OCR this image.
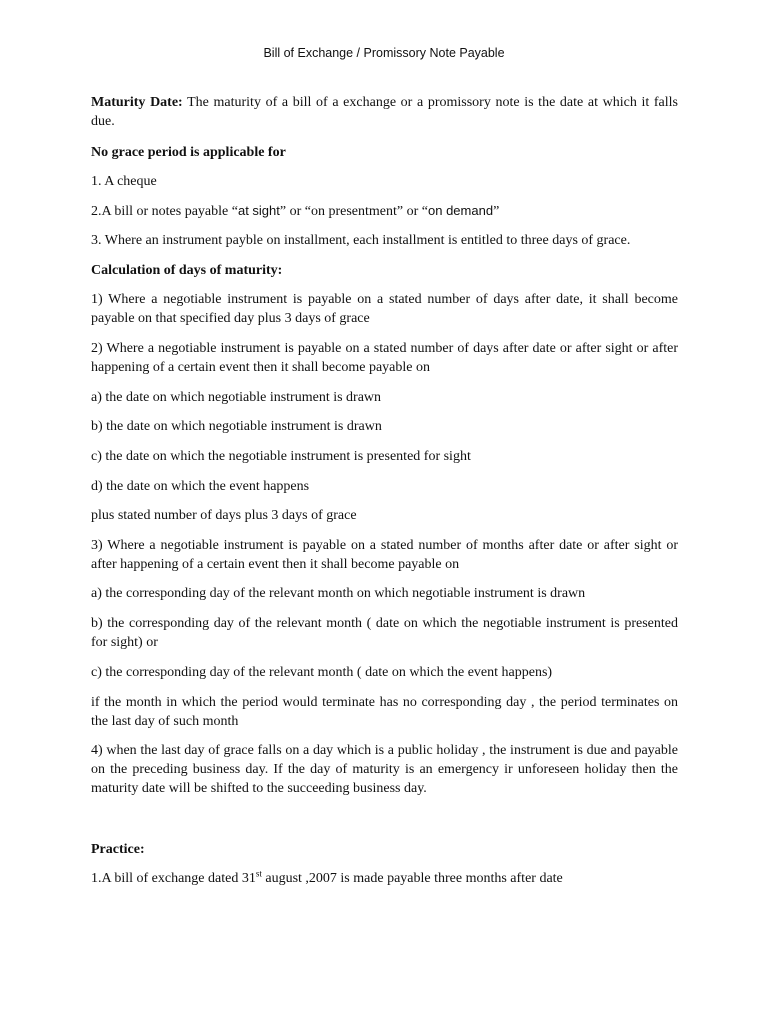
Bill of Exchange / Promissory Note Payable

Maturity Date: The maturity of a bill of a exchange or a promissory note is the date at which it falls due.

No grace period is applicable for

1. A cheque

2.A bill or notes payable “at sight” or “on presentment” or “on demand”

3. Where an instrument payble on installment, each installment is entitled to three days of grace.

Calculation of days of maturity:

1) Where a negotiable instrument is payable on a stated number of days after date, it shall become payable on that specified day plus 3 days of grace

2) Where a negotiable instrument is payable on a stated number of days after date or after sight or after happening of a certain event then it shall become payable on

a) the date on which negotiable instrument is drawn

b) the date on which negotiable instrument is drawn

c) the date on which the negotiable instrument is presented for sight

d) the date on which the event happens

plus stated number of days plus 3 days of grace

3) Where a negotiable instrument is payable on a stated number of months after date or after sight or after happening of a certain event then it shall become payable on

a) the corresponding day of the relevant month on which negotiable instrument is drawn

b) the corresponding day of the relevant month ( date on which the negotiable instrument is presented for sight) or

c) the corresponding day of the relevant month ( date on which the event happens)

if the month in which the period would terminate has no corresponding day , the period terminates on the last day of such month

4) when the last day of grace falls on a day which is a public holiday , the instrument is due and payable on the preceding business day. If the day of maturity is an emergency ir unforeseen holiday then the maturity date will be shifted to the succeeding business day.

Practice:

1.A bill of exchange dated 31st august ,2007 is made payable three months after date
